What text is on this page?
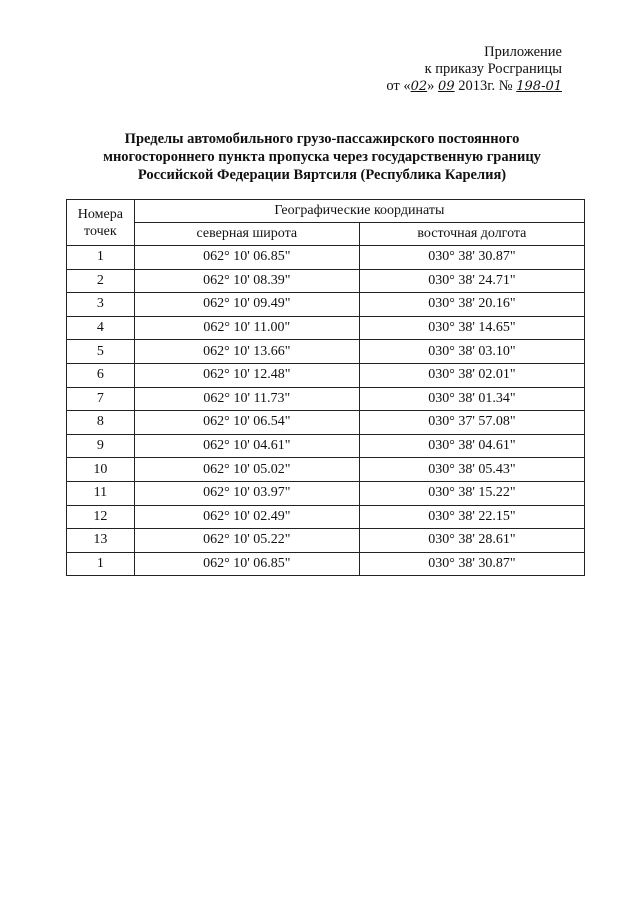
Приложение
к приказу Росграницы
от «02» 09 2013г. № 198-01
Пределы автомобильного грузо-пассажирского постоянного
многостороннего пункта пропуска через государственную границу
Российской Федерации Вяртсиля (Республика Карелия)
Номера
точек	Географические координаты	
	северная широта	восточная долгота
1	062° 10' 06.85"	030° 38' 30.87"
2	062° 10' 08.39"	030° 38' 24.71"
3	062° 10' 09.49"	030° 38' 20.16"
4	062° 10' 11.00"	030° 38' 14.65"
5	062° 10' 13.66"	030° 38' 03.10"
6	062° 10' 12.48"	030° 38' 02.01"
7	062° 10' 11.73"	030° 38' 01.34"
8	062° 10' 06.54"	030° 37' 57.08"
9	062° 10' 04.61"	030° 38' 04.61"
10	062° 10' 05.02"	030° 38' 05.43"
11	062° 10' 03.97"	030° 38' 15.22"
12	062° 10' 02.49"	030° 38' 22.15"
13	062° 10' 05.22"	030° 38' 28.61"
1	062° 10' 06.85"	030° 38' 30.87"
